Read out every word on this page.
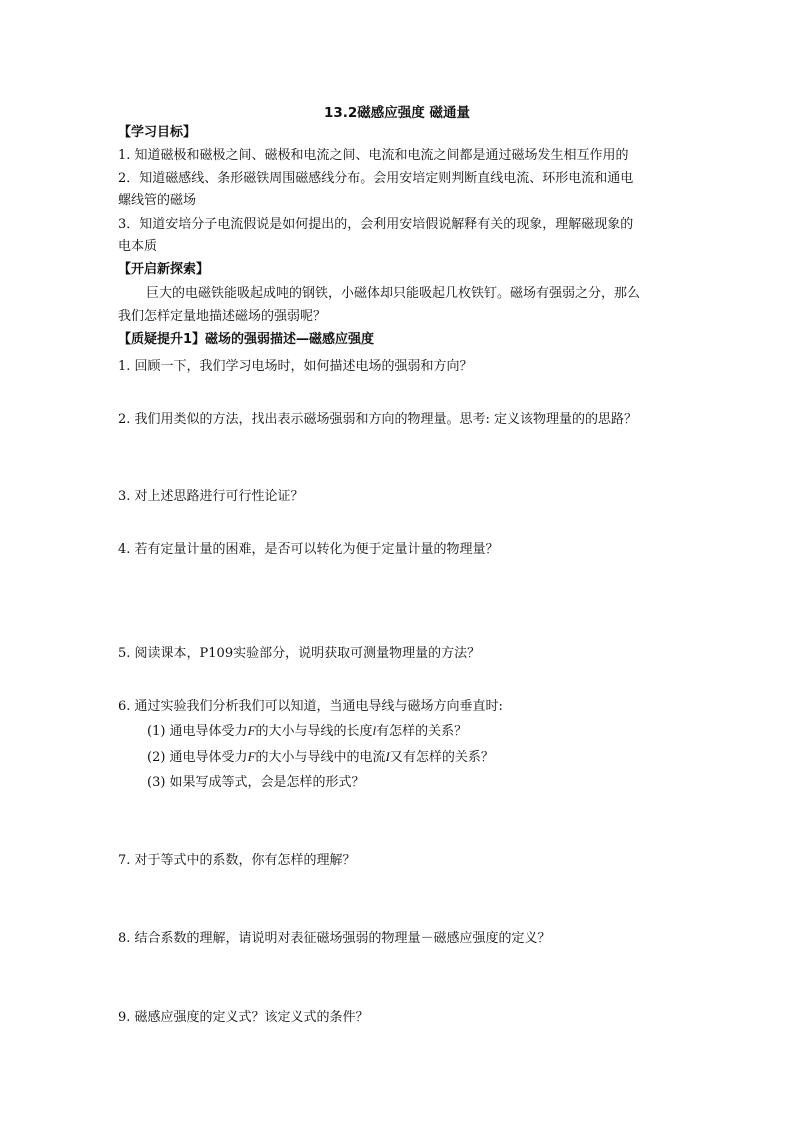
13.2磁感应强度 磁通量
【学习目标】
1. 知道磁极和磁极之间、磁极和电流之间、电流和电流之间都是通过磁场发生相互作用的
2．知道磁感线、条形磁铁周围磁感线分布。会用安培定则判断直线电流、环形电流和通电
螺线管的磁场
3．知道安培分子电流假说是如何提出的，会利用安培假说解释有关的现象，理解磁现象的
电本质
【开启新探索】
巨大的电磁铁能吸起成吨的钢铁，小磁体却只能吸起几枚铁钉。磁场有强弱之分，那么
我们怎样定量地描述磁场的强弱呢？
【质疑提升1】磁场的强弱描述—磁感应强度
1. 回顾一下，我们学习电场时，如何描述电场的强弱和方向？
2. 我们用类似的方法，找出表示磁场强弱和方向的物理量。思考: 定义该物理量的的思路？
3. 对上述思路进行可行性论证？
4. 若有定量计量的困难，是否可以转化为便于定量计量的物理量？
5. 阅读课本，P109实验部分，说明获取可测量物理量的方法？
6. 通过实验我们分析我们可以知道，当通电导线与磁场方向垂直时:
(1) 通电导体受力F的大小与导线的长度l有怎样的关系？
(2) 通电导体受力F的大小与导线中的电流I又有怎样的关系？
(3) 如果写成等式，会是怎样的形式？
7. 对于等式中的系数，你有怎样的理解？
8. 结合系数的理解，请说明对表征磁场强弱的物理量－磁感应强度的定义？
9. 磁感应强度的定义式？该定义式的条件？
